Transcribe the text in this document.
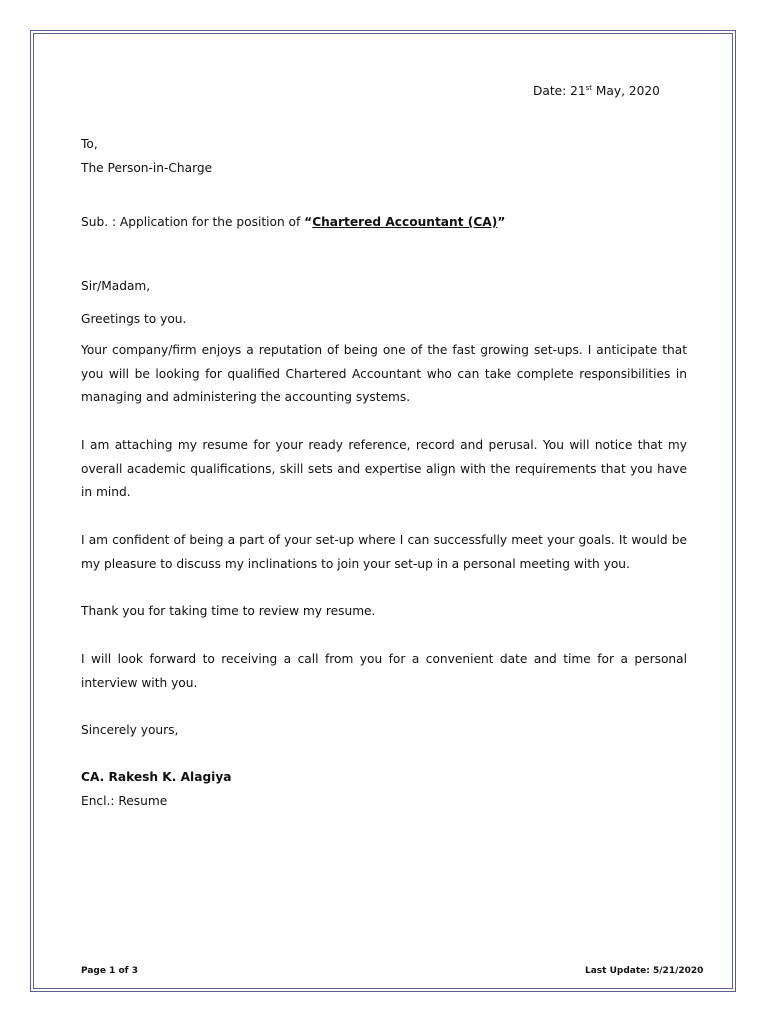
Date: 21st May, 2020
To,
The Person-in-Charge
Sub. : Application for the position of “Chartered Accountant (CA)”
Sir/Madam,
Greetings to you.
Your company/firm enjoys a reputation of being one of the fast growing set-ups. I anticipate that you will be looking for qualified Chartered Accountant who can take complete responsibilities in managing and administering the accounting systems.
I am attaching my resume for your ready reference, record and perusal. You will notice that my overall academic qualifications, skill sets and expertise align with the requirements that you have in mind.
I am confident of being a part of your set-up where I can successfully meet your goals. It would be my pleasure to discuss my inclinations to join your set-up in a personal meeting with you.
Thank you for taking time to review my resume.
I will look forward to receiving a call from you for a convenient date and time for a personal interview with you.
Sincerely yours,
CA. Rakesh K. Alagiya
Encl.: Resume
Page 1 of 3	Last Update: 5/21/2020
